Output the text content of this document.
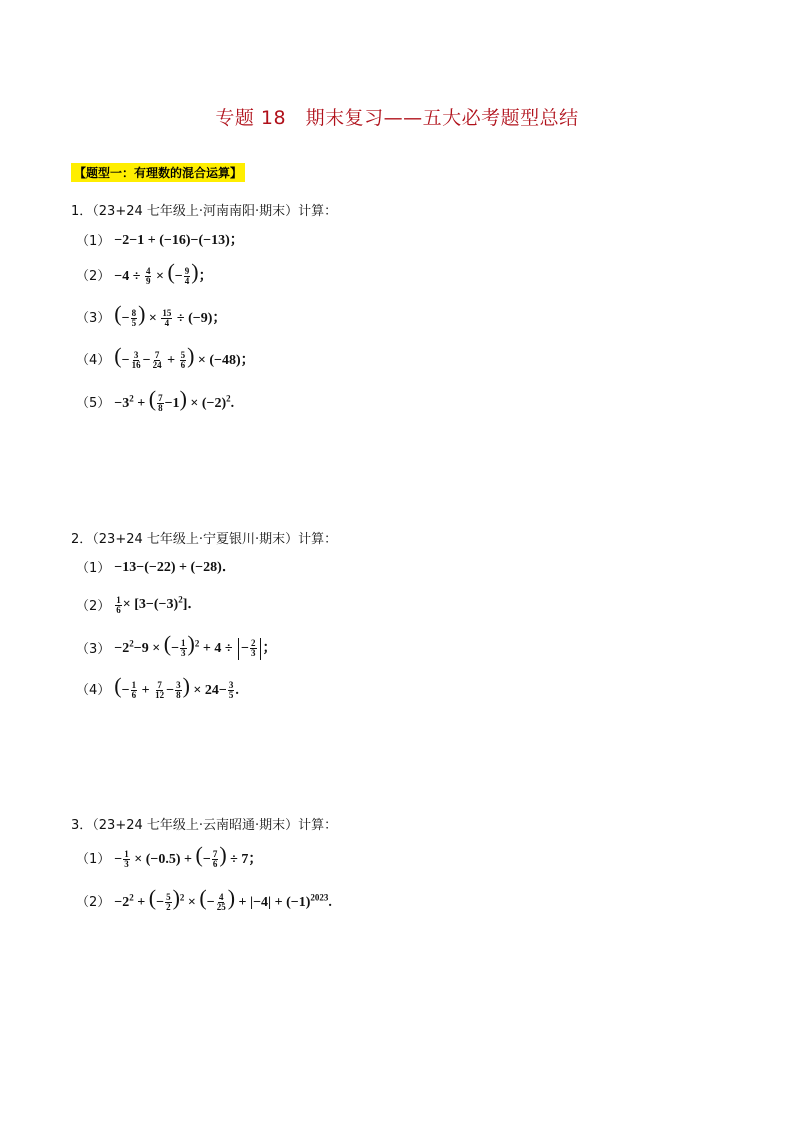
专题 18　期末复习——五大必考题型总结
【题型一：有理数的混合运算】
1．（23+24 七年级上·河南南阳·期末）计算：
（1） −2−1 + (−16)−(−13)；
$(2) -4 \div \frac{4}{9}$ × (− $\frac{9}{4}$ )；
（3） (− $\frac{8}{5}$ ) × $\frac{15}{4} \div (-9)$；
（4） (− $\frac{3}{16} - \frac{7}{24} + \frac{5}{6}$ ) × (−48)；
$(5) -3^2$ + ( $\frac{7}{8} -1) \times (-2)^2$.
2．（23+24 七年级上·宁夏银川·期末）计算：
（1） −13−(−22) + (−28)．
$(2) \frac{1}{6} \times [3-(-3)^2]$．
$(3) -2^2-9$ × (− $\frac{1}{3} )^2 + 4$ ÷ − $\frac{2}{3}$ ；
（4） (− $\frac{1}{6} + \frac{7}{12} - \frac{3}{8}$ ) × $24- \frac{3}{5}$ .
3．（23+24 七年级上·云南昭通·期末）计算：
$(1) - \frac{1}{3} \times (-0.5)$ + (− $\frac{7}{6}$ ) ÷ 7；
$(2) -2^2$ + (− $\frac{5}{2} )^2$ × (− $\frac{4}{25}$ ) + $|-4| + (-1)^{2023}$.
